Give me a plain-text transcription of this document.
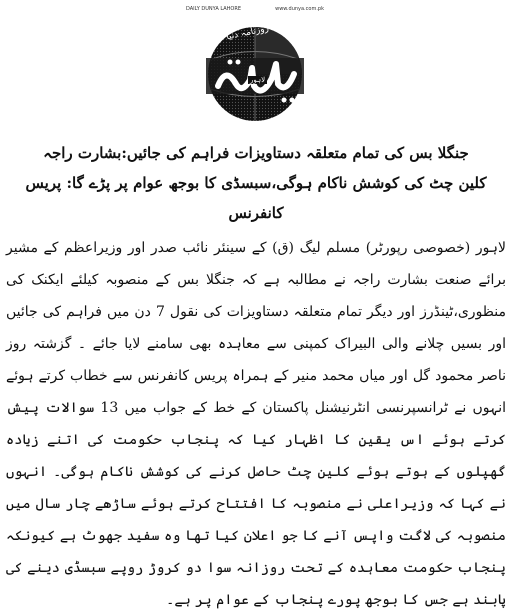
DAILY DUNYA LAHORE	www.dunya.com.pk
روزنامہ دنیا
لاہور

جنگلا بس کی تمام متعلقہ دستاویزات فراہم کی جائیں:بشارت راجہ

کلین چٹ کی کوشش ناکام ہوگی،سبسڈی کا بوجھ عوام پر پڑے گا: پریس کانفرنس

لاہور (خصوصی رپورٹر) مسلم لیگ (ق) کے سینئر نائب صدر اور وزیراعظم کے مشیر برائے صنعت بشارت راجہ نے مطالبہ ہے کہ جنگلا بس کے منصوبہ کیلئے ایکنک کی منظوری،ٹینڈرز اور دیگر تمام متعلقہ دستاویزات کی نقول 7 دن میں فراہم کی جائیں اور بسیں چلانے والی البیراک کمپنی سے معاہدہ بھی سامنے لایا جائے ۔ گزشتہ روز ناصر محمود گل اور میاں محمد منیر کے ہمراہ پریس کانفرنس سے خطاب کرتے ہوئے انہوں نے ٹرانسپرنسی انٹرنیشنل پاکستان کے خط کے جواب میں 13 سوالات پیش کرتے ہوئے اس یقین کا اظہار کیا کہ پنجاب حکومت کی اتنے زیادہ گھپلوں کے ہوتے ہوئے کلین چٹ حاصل کرنے کی کوشش ناکام ہوگی۔ انہوں نے کہا کہ وزیراعلی نے منصوبہ کا افتتاح کرتے ہوئے ساڑھے چار سال میں منصوبہ کی لاگت واپس آنے کا جو اعلان کیا تھا وہ سفید جھوٹ ہے کیونکہ پنجاب حکومت معاہدہ کے تحت روزانہ سوا دو کروڑ روپے سبسڈی دینے کی پابند ہے جس کا بوجھ پورے پنجاب کے عوام پر ہے۔
